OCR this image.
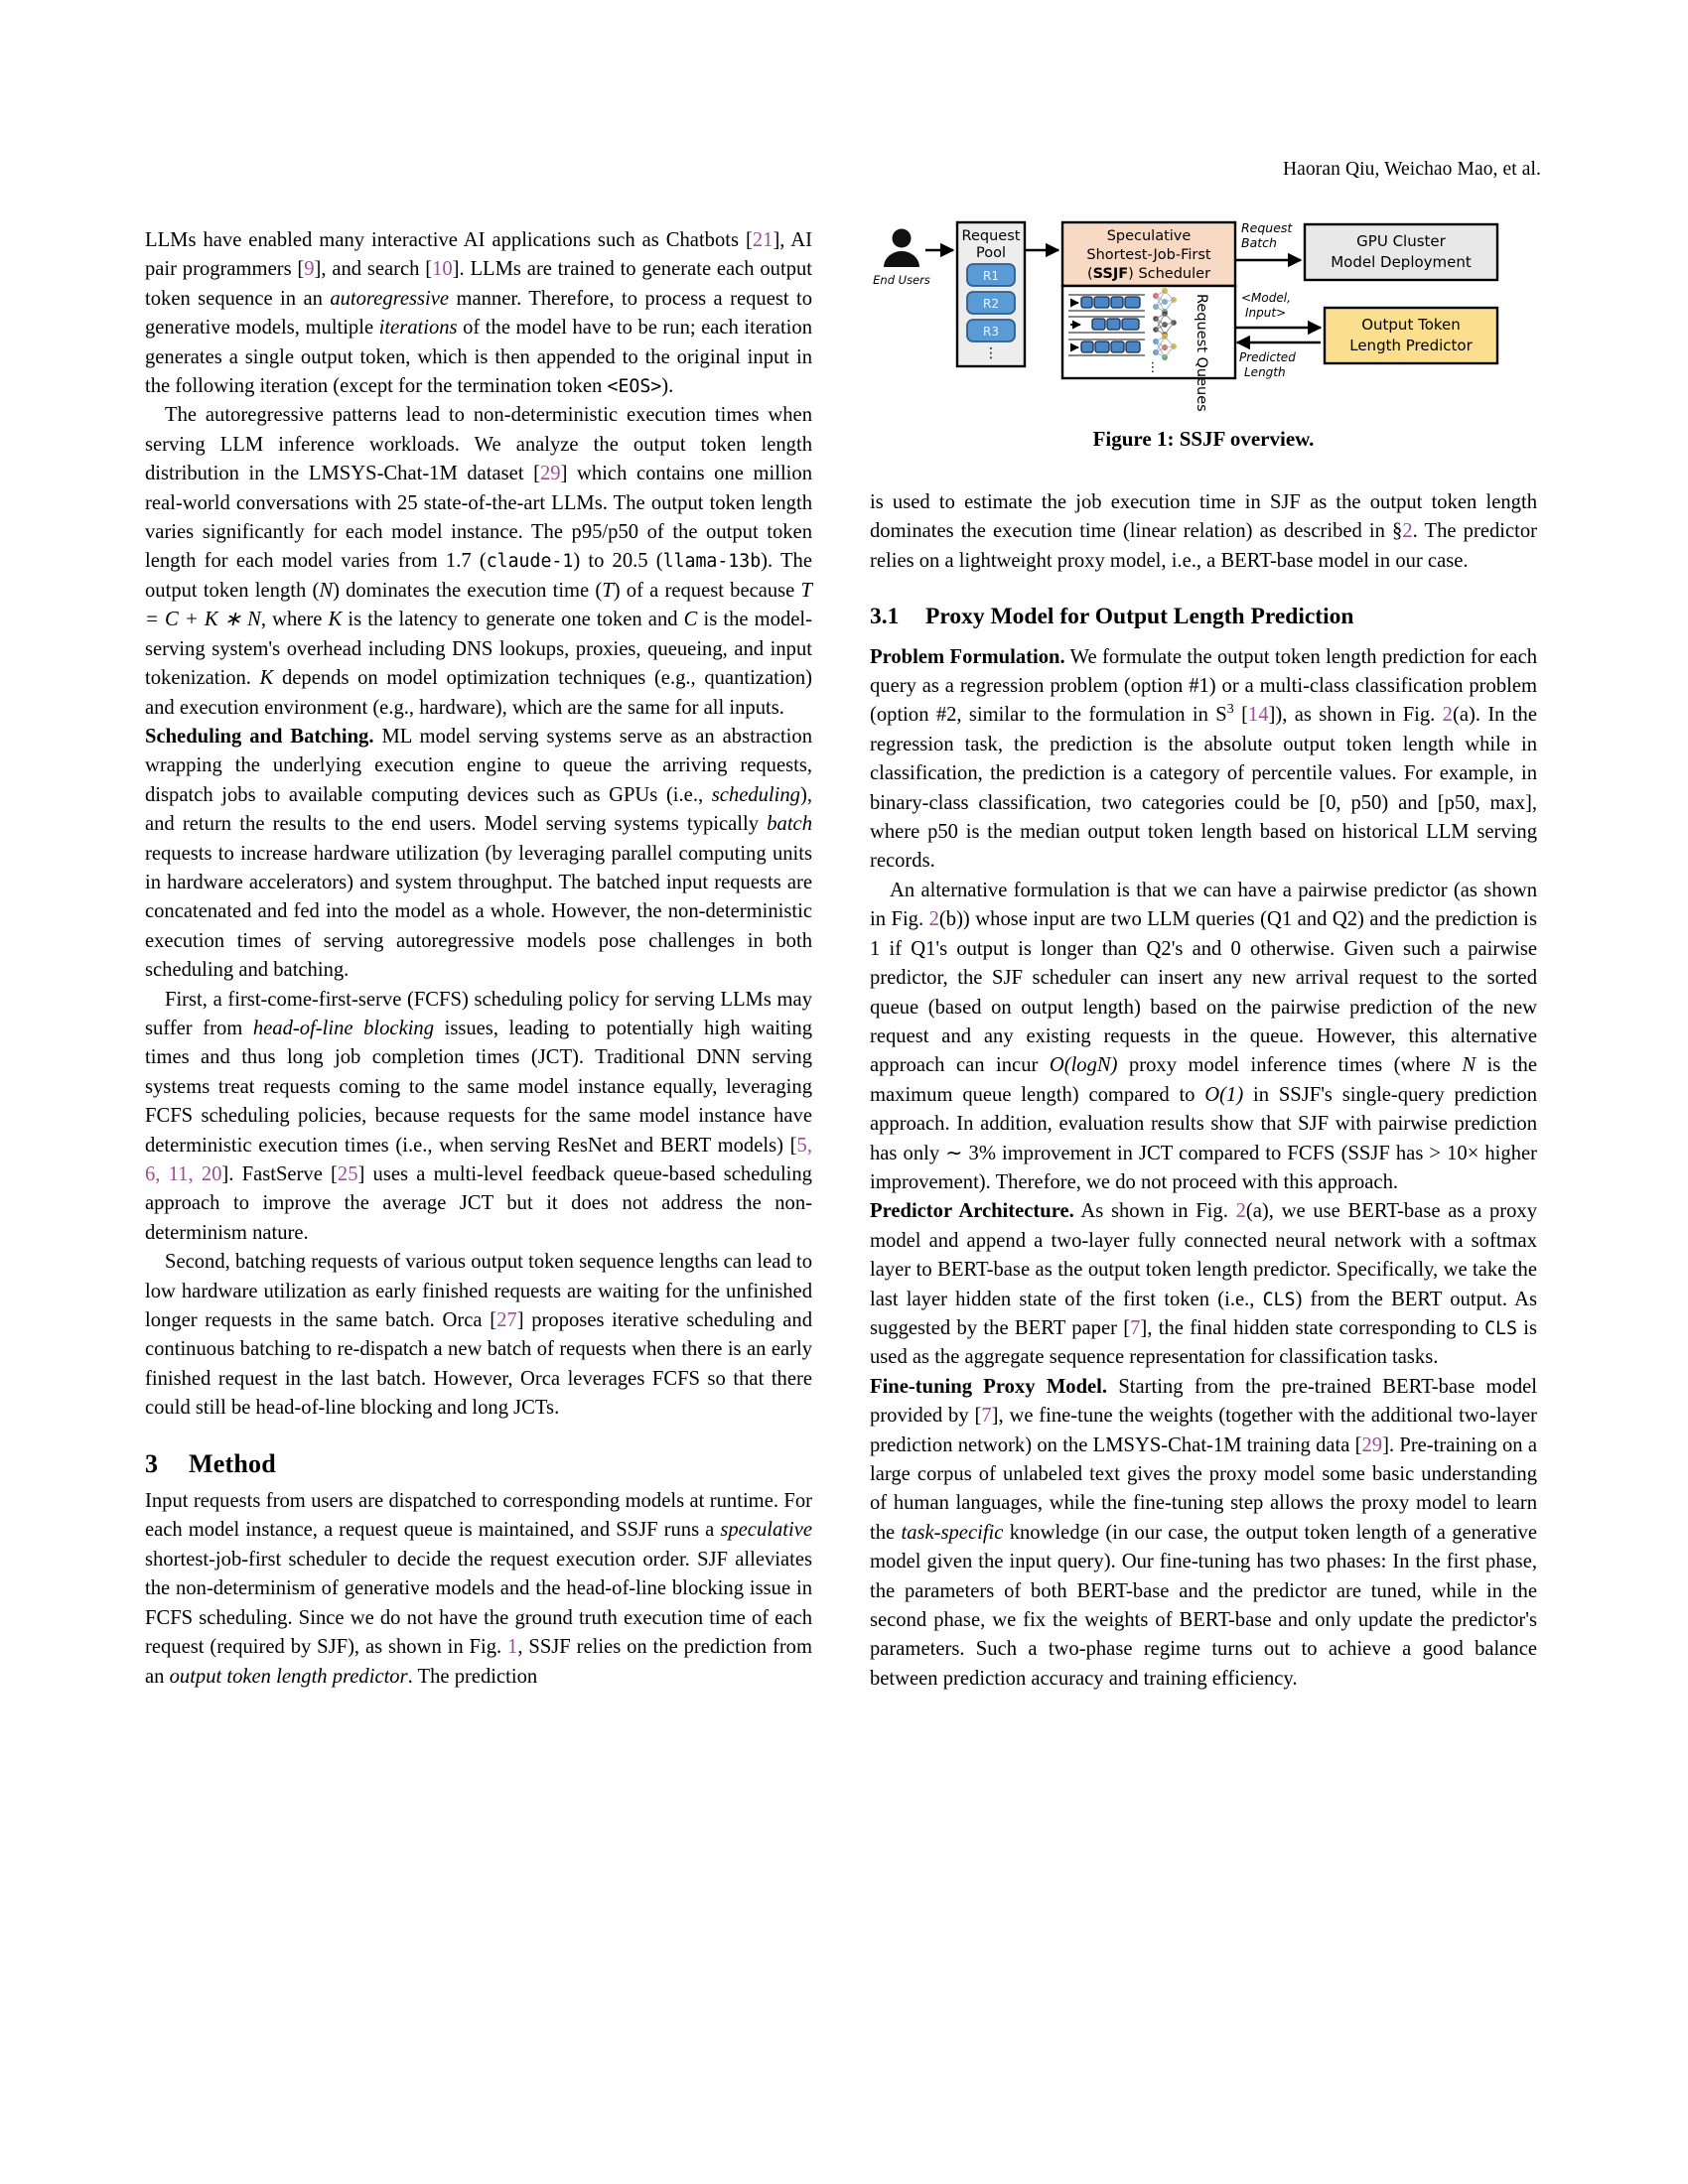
Haoran Qiu, Weichao Mao, et al.
End Users
Request
Pool
R1
R2
R3
⋮
Speculative
Shortest-Job-First
(SSJF) Scheduler
⋮ Request Queues
Request
Batch	GPU Cluster
Model Deployment
<Model,
Input>
Predicted
Length
Output Token
Length Predictor
Figure 1: SSJF overview.

LLMs have enabled many interactive AI applications such as Chatbots [21], AI pair programmers [9], and search [10]. LLMs are trained to generate each output token sequence in an autoregressive manner. Therefore, to process a request to generative models, multiple iterations of the model have to be run; each iteration generates a single output token, which is then appended to the original input in the following iteration (except for the termination token <EOS>).

The autoregressive patterns lead to non-deterministic execution times when serving LLM inference workloads. We analyze the output token length distribution in the LMSYS-Chat-1M dataset [29] which contains one million real-world conversations with 25 state-of-the-art LLMs. The output token length varies significantly for each model instance. The p95/p50 of the output token length for each model varies from 1.7 (claude-1) to 20.5 (llama-13b). The output token length (N) dominates the execution time (T) of a request because T = C + K ∗ N, where K is the latency to generate one token and C is the model-serving system's overhead including DNS lookups, proxies, queueing, and input tokenization. K depends on model optimization techniques (e.g., quantization) and execution environment (e.g., hardware), which are the same for all inputs.

Scheduling and Batching. ML model serving systems serve as an abstraction wrapping the underlying execution engine to queue the arriving requests, dispatch jobs to available computing devices such as GPUs (i.e., scheduling), and return the results to the end users. Model serving systems typically batch requests to increase hardware utilization (by leveraging parallel computing units in hardware accelerators) and system throughput. The batched input requests are concatenated and fed into the model as a whole. However, the non-deterministic execution times of serving autoregressive models pose challenges in both scheduling and batching.

First, a first-come-first-serve (FCFS) scheduling policy for serving LLMs may suffer from head-of-line blocking issues, leading to potentially high waiting times and thus long job completion times (JCT). Traditional DNN serving systems treat requests coming to the same model instance equally, leveraging FCFS scheduling policies, because requests for the same model instance have deterministic execution times (i.e., when serving ResNet and BERT models) [5, 6, 11, 20]. FastServe [25] uses a multi-level feedback queue-based scheduling approach to improve the average JCT but it does not address the non-determinism nature.

Second, batching requests of various output token sequence lengths can lead to low hardware utilization as early finished requests are waiting for the unfinished longer requests in the same batch. Orca [27] proposes iterative scheduling and continuous batching to re-dispatch a new batch of requests when there is an early finished request in the last batch. However, Orca leverages FCFS so that there could still be head-of-line blocking and long JCTs.

3 Method

Input requests from users are dispatched to corresponding models at runtime. For each model instance, a request queue is maintained, and SSJF runs a speculative shortest-job-first scheduler to decide the request execution order. SJF alleviates the non-determinism of generative models and the head-of-line blocking issue in FCFS scheduling. Since we do not have the ground truth execution time of each request (required by SJF), as shown in Fig. 1, SSJF relies on the prediction from an output token length predictor. The prediction

is used to estimate the job execution time in SJF as the output token length dominates the execution time (linear relation) as described in §2. The predictor relies on a lightweight proxy model, i.e., a BERT-base model in our case.

3.1 Proxy Model for Output Length Prediction

Problem Formulation. We formulate the output token length prediction for each query as a regression problem (option #1) or a multi-class classification problem (option #2, similar to the formulation in $S^3$ [14]), as shown in Fig. 2(a). In the regression task, the prediction is the absolute output token length while in classification, the prediction is a category of percentile values. For example, in binary-class classification, two categories could be [0, p50) and [p50, max], where p50 is the median output token length based on historical LLM serving records.

An alternative formulation is that we can have a pairwise predictor (as shown in Fig. 2(b)) whose input are two LLM queries (Q1 and Q2) and the prediction is 1 if Q1's output is longer than Q2's and 0 otherwise. Given such a pairwise predictor, the SJF scheduler can insert any new arrival request to the sorted queue (based on output length) based on the pairwise prediction of the new request and any existing requests in the queue. However, this alternative approach can incur O(logN) proxy model inference times (where N is the maximum queue length) compared to O(1) in SSJF's single-query prediction approach. In addition, evaluation results show that SJF with pairwise prediction has only ∼ 3% improvement in JCT compared to FCFS (SSJF has > 10× higher improvement). Therefore, we do not proceed with this approach.

Predictor Architecture. As shown in Fig. 2(a), we use BERT-base as a proxy model and append a two-layer fully connected neural network with a softmax layer to BERT-base as the output token length predictor. Specifically, we take the last layer hidden state of the first token (i.e., CLS) from the BERT output. As suggested by the BERT paper [7], the final hidden state corresponding to CLS is used as the aggregate sequence representation for classification tasks.

Fine-tuning Proxy Model. Starting from the pre-trained BERT-base model provided by [7], we fine-tune the weights (together with the additional two-layer prediction network) on the LMSYS-Chat-1M training data [29]. Pre-training on a large corpus of unlabeled text gives the proxy model some basic understanding of human languages, while the fine-tuning step allows the proxy model to learn the task-specific knowledge (in our case, the output token length of a generative model given the input query). Our fine-tuning has two phases: In the first phase, the parameters of both BERT-base and the predictor are tuned, while in the second phase, we fix the weights of BERT-base and only update the predictor's parameters. Such a two-phase regime turns out to achieve a good balance between prediction accuracy and training efficiency.
